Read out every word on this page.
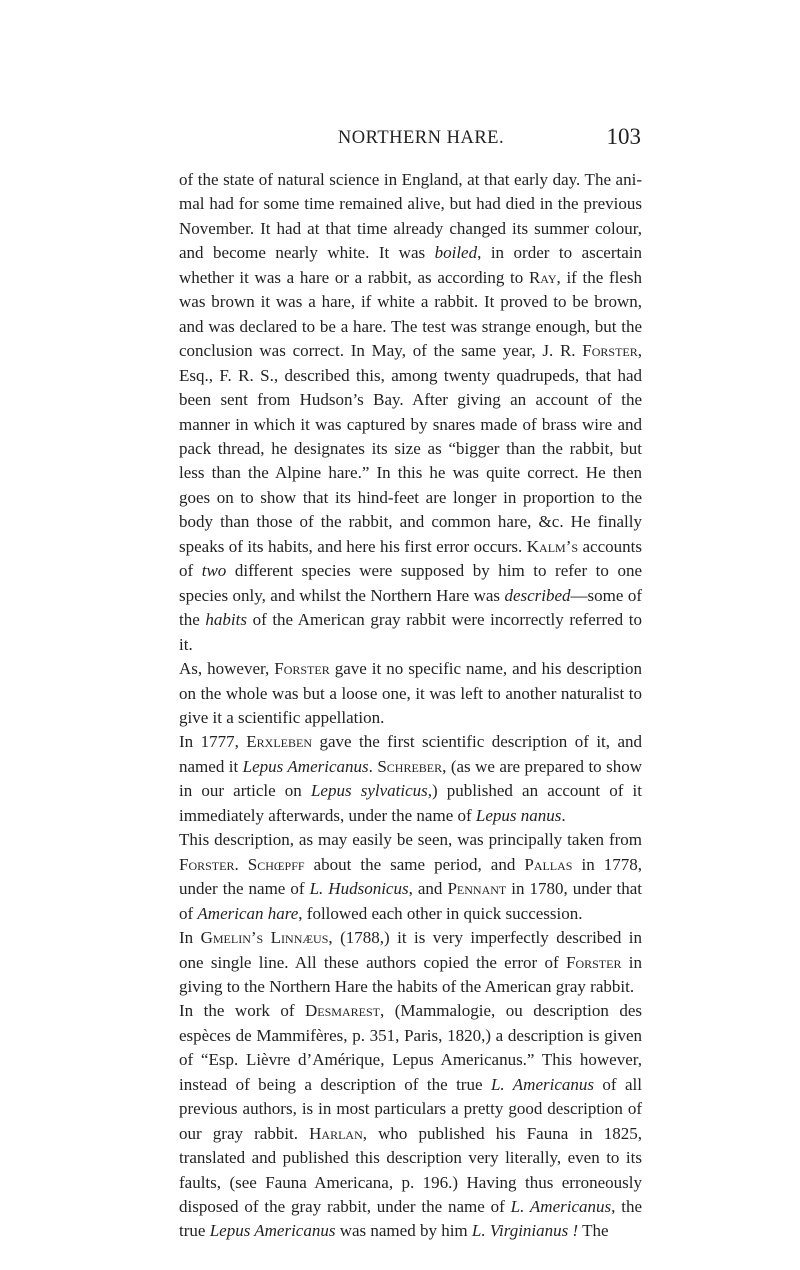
NORTHERN HARE.	103

of the state of natural science in England, at that early day. The animal had for some time remained alive, but had died in the previous November. It had at that time already changed its summer colour, and become nearly white. It was boiled, in order to ascertain whether it was a hare or a rabbit, as according to Ray, if the flesh was brown it was a hare, if white a rabbit. It proved to be brown, and was declared to be a hare. The test was strange enough, but the conclusion was correct. In May, of the same year, J. R. Forster, Esq., F. R. S., described this, among twenty quadrupeds, that had been sent from Hudson’s Bay. After giving an account of the manner in which it was captured by snares made of brass wire and pack thread, he designates its size as “bigger than the rabbit, but less than the Alpine hare.” In this he was quite correct. He then goes on to show that its hind-feet are longer in proportion to the body than those of the rabbit, and common hare, &c. He finally speaks of its habits, and here his first error occurs. Kalm’s accounts of two different species were supposed by him to refer to one species only, and whilst the Northern Hare was described—some of the habits of the American gray rabbit were incorrectly referred to it.

As, however, Forster gave it no specific name, and his description on the whole was but a loose one, it was left to another naturalist to give it a scientific appellation.

In 1777, Erxleben gave the first scientific description of it, and named it Lepus Americanus. Schreber, (as we are prepared to show in our article on Lepus sylvaticus,) published an account of it immediately afterwards, under the name of Lepus nanus.

This description, as may easily be seen, was principally taken from Forster. Schœpff about the same period, and Pallas in 1778, under the name of L. Hudsonicus, and Pennant in 1780, under that of American hare, followed each other in quick succession.

In Gmelin’s Linnæus, (1788,) it is very imperfectly described in one single line. All these authors copied the error of Forster in giving to the Northern Hare the habits of the American gray rabbit.

In the work of Desmarest, (Mammalogie, ou description des espèces de Mammifères, p. 351, Paris, 1820,) a description is given of “Esp. Lièvre d’Amérique, Lepus Americanus.” This however, instead of being a description of the true L. Americanus of all previous authors, is in most particulars a pretty good description of our gray rabbit. Harlan, who published his Fauna in 1825, translated and published this description very literally, even to its faults, (see Fauna Americana, p. 196.) Having thus erroneously disposed of the gray rabbit, under the name of L. Americanus, the true Lepus Americanus was named by him L. Virginianus ! The
